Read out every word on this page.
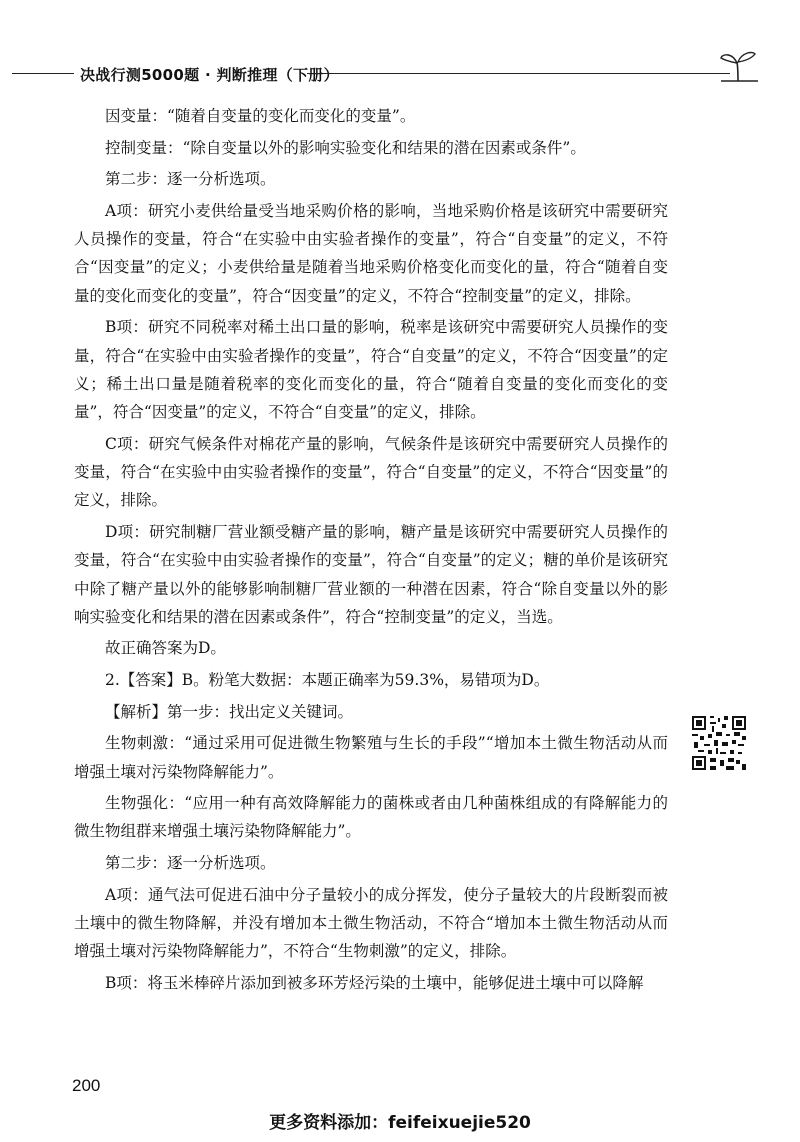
决战行测5000题 · 判断推理（下册）

因变量：“随着自变量的变化而变化的变量”。

控制变量：“除自变量以外的影响实验变化和结果的潜在因素或条件”。

第二步：逐一分析选项。

A项：研究小麦供给量受当地采购价格的影响，当地采购价格是该研究中需要研究人员操作的变量，符合“在实验中由实验者操作的变量”，符合“自变量”的定义，不符合“因变量”的定义；小麦供给量是随着当地采购价格变化而变化的量，符合“随着自变量的变化而变化的变量”，符合“因变量”的定义，不符合“控制变量”的定义，排除。

B项：研究不同税率对稀土出口量的影响，税率是该研究中需要研究人员操作的变量，符合“在实验中由实验者操作的变量”，符合“自变量”的定义，不符合“因变量”的定义；稀土出口量是随着税率的变化而变化的量，符合“随着自变量的变化而变化的变量”，符合“因变量”的定义，不符合“自变量”的定义，排除。

C项：研究气候条件对棉花产量的影响，气候条件是该研究中需要研究人员操作的变量，符合“在实验中由实验者操作的变量”，符合“自变量”的定义，不符合“因变量”的定义，排除。

D项：研究制糖厂营业额受糖产量的影响，糖产量是该研究中需要研究人员操作的变量，符合“在实验中由实验者操作的变量”，符合“自变量”的定义；糖的单价是该研究中除了糖产量以外的能够影响制糖厂营业额的一种潜在因素，符合“除自变量以外的影响实验变化和结果的潜在因素或条件”，符合“控制变量”的定义，当选。

故正确答案为D。

2.【答案】B。粉笔大数据：本题正确率为59.3%，易错项为D。

【解析】第一步：找出定义关键词。

生物刺激：“通过采用可促进微生物繁殖与生长的手段”“增加本土微生物活动从而增强土壤对污染物降解能力”。

生物强化：“应用一种有高效降解能力的菌株或者由几种菌株组成的有降解能力的微生物组群来增强土壤污染物降解能力”。

第二步：逐一分析选项。

A项：通气法可促进石油中分子量较小的成分挥发，使分子量较大的片段断裂而被土壤中的微生物降解，并没有增加本土微生物活动，不符合“增加本土微生物活动从而增强土壤对污染物降解能力”，不符合“生物刺激”的定义，排除。

B项：将玉米棒碎片添加到被多环芳烃污染的土壤中，能够促进土壤中可以降解

200
更多资料添加：feifeixuejie520
